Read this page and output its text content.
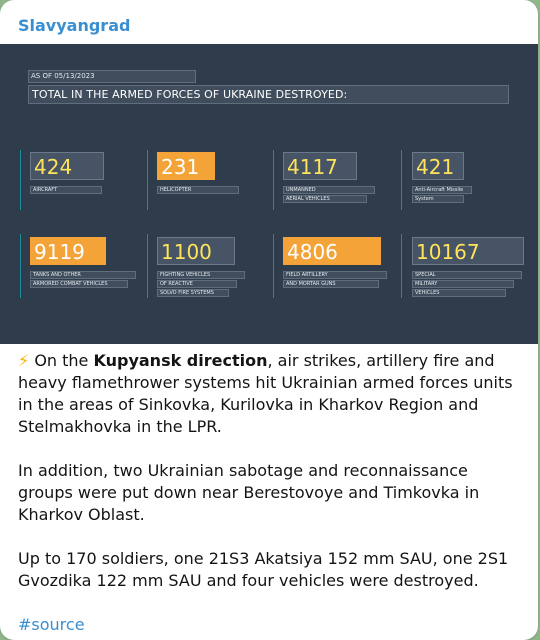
Slavyangrad
AS OF 05/13/2023
TOTAL IN THE ARMED FORCES OF UKRAINE DESTROYED:
424
AIRCRAFT
231
HELICOPTER
4117
UNMANNED
AERIAL VEHICLES
421
Anti-Aircraft Missile
System
9119
TANKS AND OTHER
ARMORED COMBAT VEHICLES
1100
FIGHTING VEHICLES
OF REACTIVE
SOLVO FIRE SYSTEMS
4806
FIELD ARTILLERY
AND MORTAR GUNS
10167
SPECIAL
MILITARY
VEHICLES

⚡ On the Kupyansk direction, air strikes, artillery fire and heavy flamethrower systems hit Ukrainian armed forces units in the areas of Sinkovka, Kurilovka in Kharkov Region and Stelmakhovka in the LPR.

In addition, two Ukrainian sabotage and reconnaissance groups were put down near Berestovoye and Timkovka in Kharkov Oblast.

Up to 170 soldiers, one 21S3 Akatsiya 152 mm SAU, one 2S1 Gvozdika 122 mm SAU and four vehicles were destroyed.

#source
